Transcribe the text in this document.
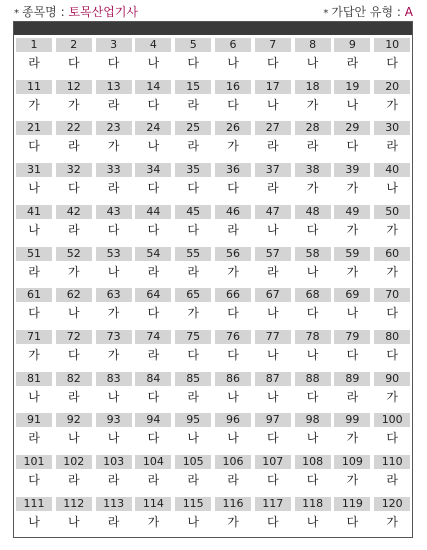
* 종목명 : 토목산업기사	* 가답안 유형 : A
1
라
2
다
3
다
4
나
5
다
6
나
7
다
8
나
9
라
10
다
11
가
12
가
13
라
14
다
15
라
16
다
17
나
18
가
19
나
20
가
21
다
22
라
23
가
24
나
25
라
26
가
27
라
28
라
29
다
30
라
31
나
32
다
33
라
34
다
35
다
36
다
37
라
38
가
39
가
40
나
41
나
42
라
43
다
44
다
45
다
46
라
47
나
48
다
49
가
50
가
51
라
52
가
53
나
54
라
55
라
56
가
57
라
58
나
59
가
60
가
61
다
62
나
63
가
64
다
65
가
66
다
67
나
68
다
69
나
70
다
71
가
72
다
73
가
74
라
75
다
76
다
77
나
78
나
79
다
80
다
81
나
82
라
83
나
84
다
85
라
86
나
87
나
88
다
89
라
90
가
91
라
92
나
93
나
94
다
95
나
96
나
97
다
98
나
99
가
100
다
101
다
102
라
103
라
104
라
105
라
106
라
107
다
108
다
109
가
110
라
111
나
112
나
113
라
114
가
115
나
116
가
117
다
118
나
119
다
120
가
